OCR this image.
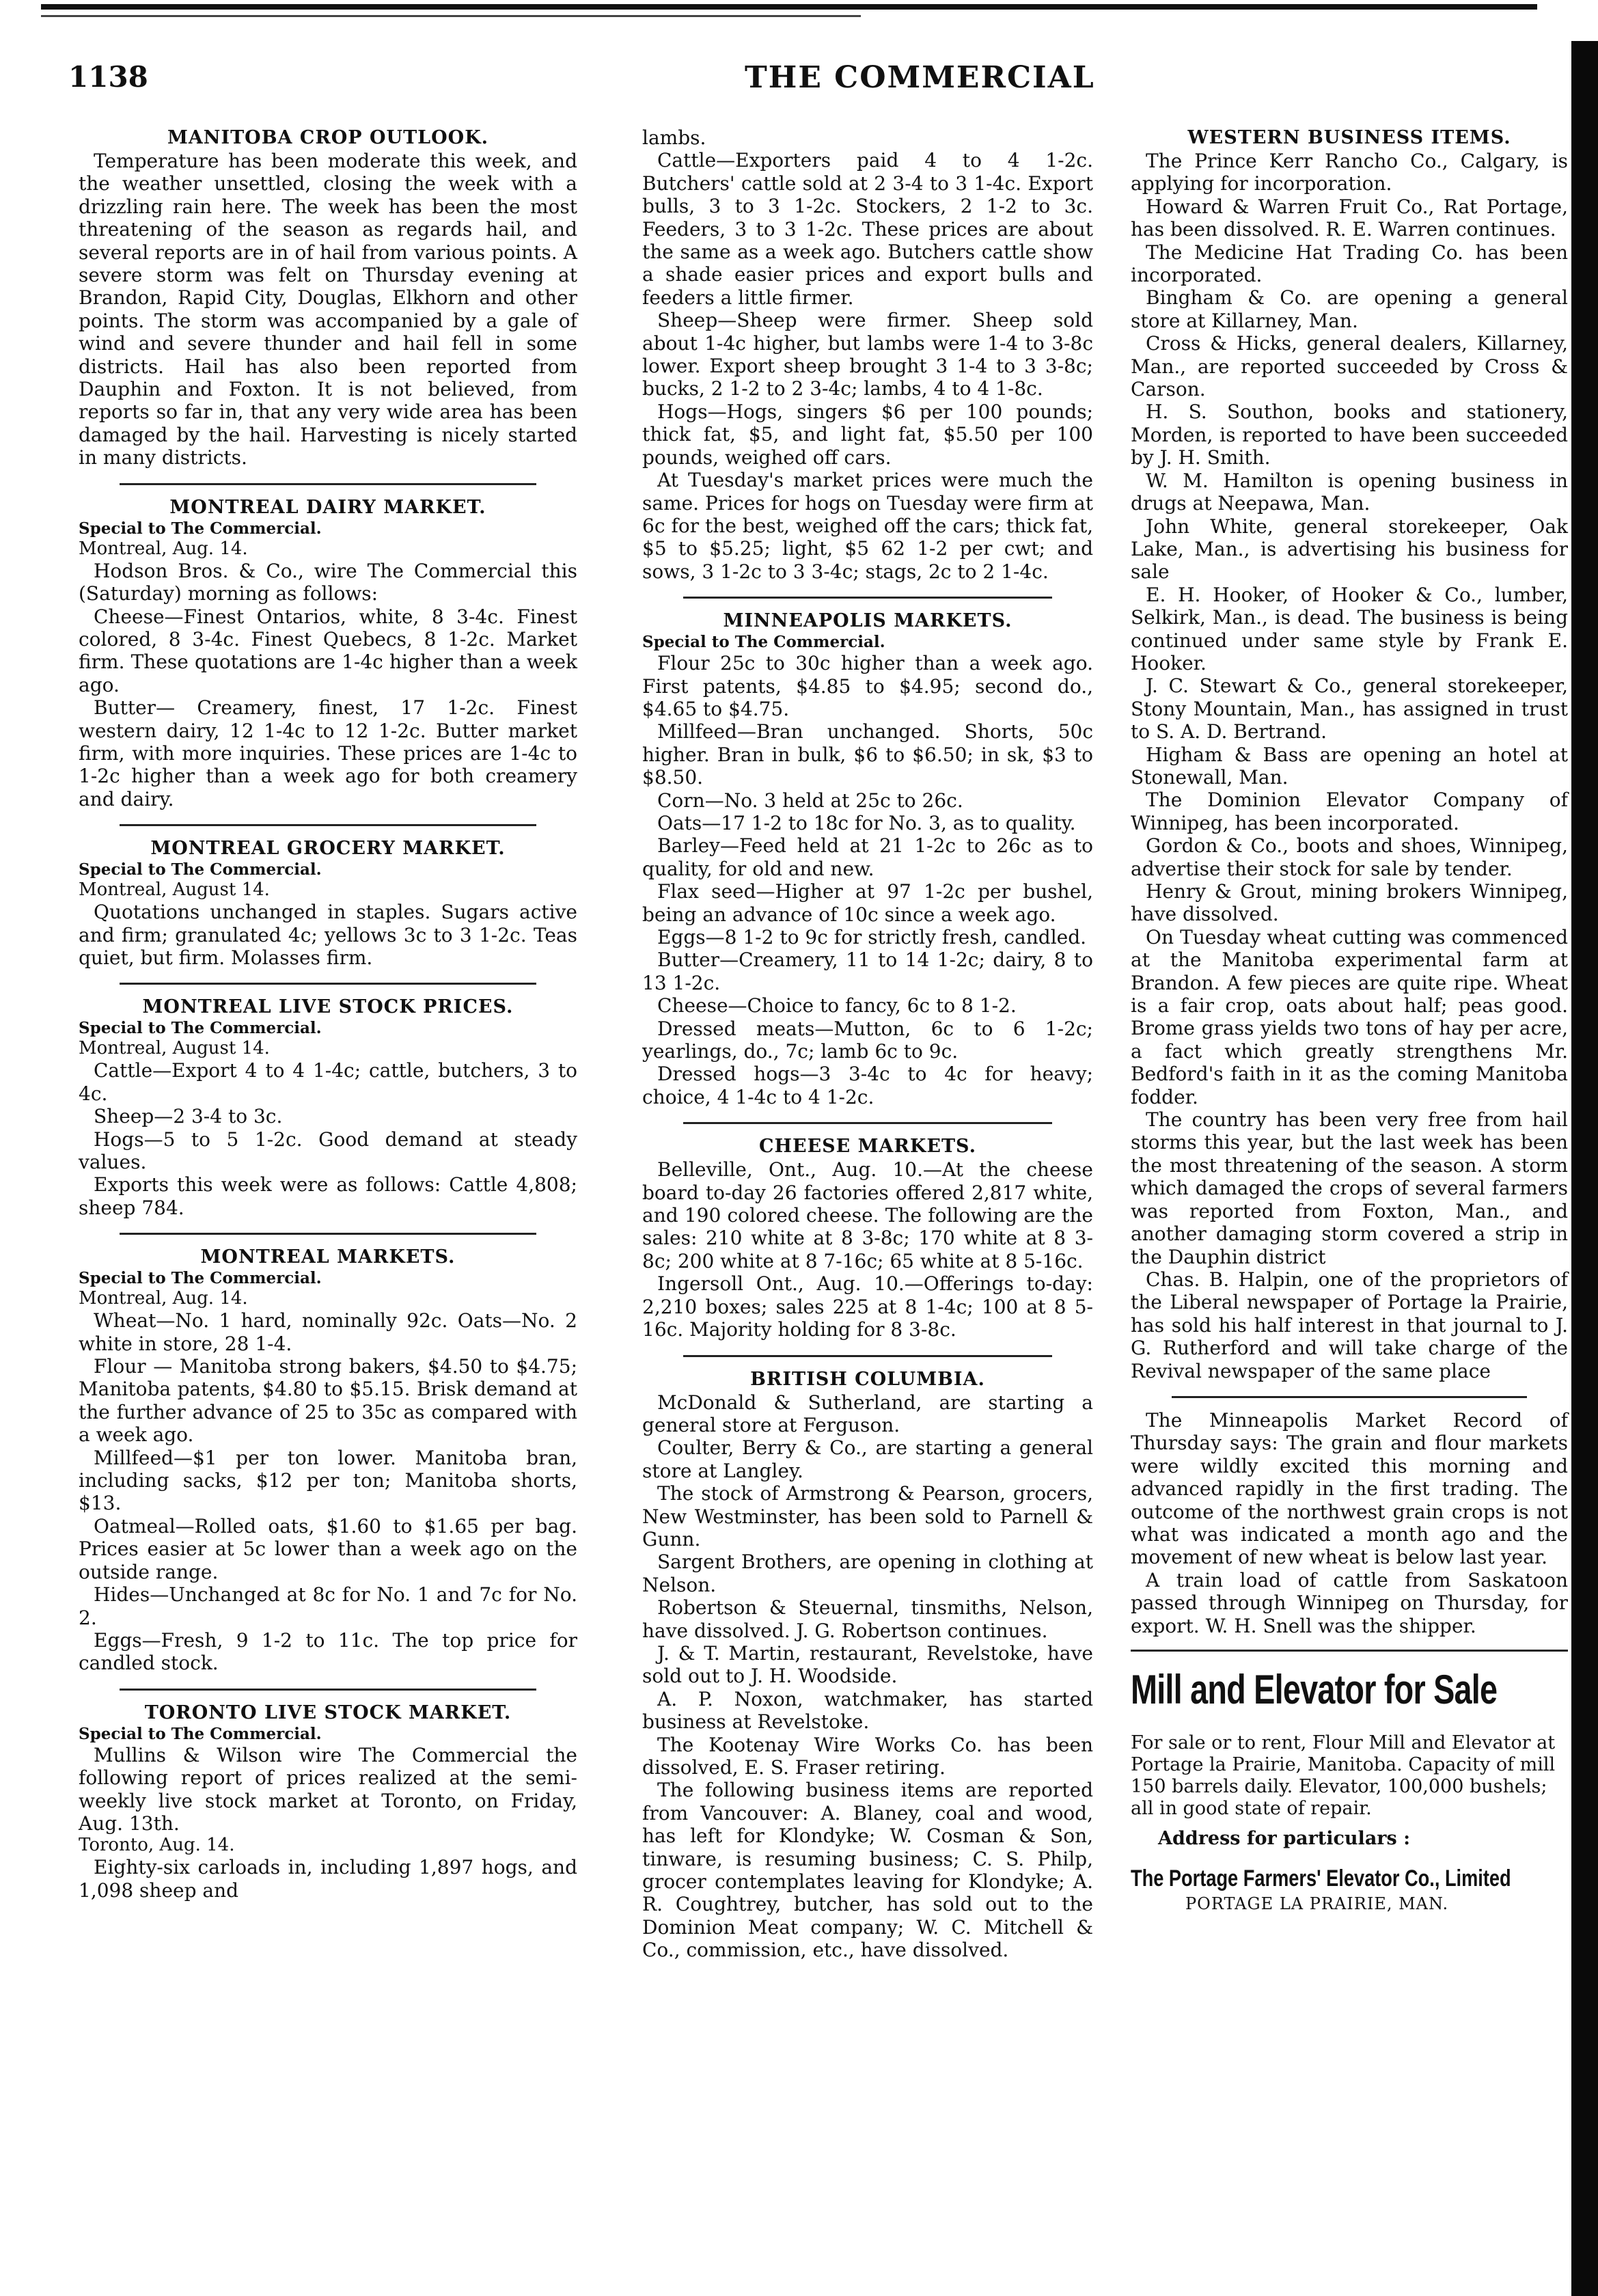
1138	THE COMMERCIAL

MANITOBA CROP OUTLOOK.

Temperature has been moderate this week, and the weather unsettled, closing the week with a drizzling rain here. The week has been the most threatening of the season as regards hail, and several reports are in of hail from various points. A severe storm was felt on Thursday evening at Brandon, Rapid City, Douglas, Elkhorn and other points. The storm was accompanied by a gale of wind and severe thunder and hail fell in some districts. Hail has also been reported from Dauphin and Foxton. It is not believed, from reports so far in, that any very wide area has been damaged by the hail. Harvesting is nicely started in many districts.

MONTREAL DAIRY MARKET.

Special to The Commercial.

Montreal, Aug. 14.

Hodson Bros. & Co., wire The Commercial this (Saturday) morning as follows:

Cheese—Finest Ontarios, white, 8 3-4c. Finest colored, 8 3-4c. Finest Quebecs, 8 1-2c. Market firm. These quotations are 1-4c higher than a week ago.

Butter— Creamery, finest, 17 1-2c. Finest western dairy, 12 1-4c to 12 1-2c. Butter market firm, with more inquiries. These prices are 1-4c to 1-2c higher than a week ago for both creamery and dairy.

MONTREAL GROCERY MARKET.

Special to The Commercial.

Montreal, August 14.

Quotations unchanged in staples. Sugars active and firm; granulated 4c; yellows 3c to 3 1-2c. Teas quiet, but firm. Molasses firm.

MONTREAL LIVE STOCK PRICES.

Special to The Commercial.

Montreal, August 14.

Cattle—Export 4 to 4 1-4c; cattle, butchers, 3 to 4c.

Sheep—2 3-4 to 3c.

Hogs—5 to 5 1-2c. Good demand at steady values.

Exports this week were as follows: Cattle 4,808; sheep 784.

MONTREAL MARKETS.

Special to The Commercial.

Montreal, Aug. 14.

Wheat—No. 1 hard, nominally 92c. Oats—No. 2 white in store, 28 1-4.

Flour — Manitoba strong bakers, $4.50 to $4.75; Manitoba patents, $4.80 to $5.15. Brisk demand at the further advance of 25 to 35c as compared with a week ago.

Millfeed—$1 per ton lower. Manitoba bran, including sacks, $12 per ton; Manitoba shorts, $13.

Oatmeal—Rolled oats, $1.60 to $1.65 per bag. Prices easier at 5c lower than a week ago on the outside range.

Hides—Unchanged at 8c for No. 1 and 7c for No. 2.

Eggs—Fresh, 9 1-2 to 11c. The top price for candled stock.

TORONTO LIVE STOCK MARKET.

Special to The Commercial.

Mullins & Wilson wire The Commercial the following report of prices realized at the semi-weekly live stock market at Toronto, on Friday, Aug. 13th.

Toronto, Aug. 14.

Eighty-six carloads in, including 1,897 hogs, and 1,098 sheep and

lambs.

Cattle—Exporters paid 4 to 4 1-2c. Butchers' cattle sold at 2 3-4 to 3 1-4c. Export bulls, 3 to 3 1-2c. Stockers, 2 1-2 to 3c. Feeders, 3 to 3 1-2c. These prices are about the same as a week ago. Butchers cattle show a shade easier prices and export bulls and feeders a little firmer.

Sheep—Sheep were firmer. Sheep sold about 1-4c higher, but lambs were 1-4 to 3-8c lower. Export sheep brought 3 1-4 to 3 3-8c; bucks, 2 1-2 to 2 3-4c; lambs, 4 to 4 1-8c.

Hogs—Hogs, singers $6 per 100 pounds; thick fat, $5, and light fat, $5.50 per 100 pounds, weighed off cars.

At Tuesday's market prices were much the same. Prices for hogs on Tuesday were firm at 6c for the best, weighed off the cars; thick fat, $5 to $5.25; light, $5 62 1-2 per cwt; and sows, 3 1-2c to 3 3-4c; stags, 2c to 2 1-4c.

MINNEAPOLIS MARKETS.

Special to The Commercial.

Flour 25c to 30c higher than a week ago. First patents, $4.85 to $4.95; second do., $4.65 to $4.75.

Millfeed—Bran unchanged. Shorts, 50c higher. Bran in bulk, $6 to $6.50; in sk, $3 to $8.50.

Corn—No. 3 held at 25c to 26c.

Oats—17 1-2 to 18c for No. 3, as to quality.

Barley—Feed held at 21 1-2c to 26c as to quality, for old and new.

Flax seed—Higher at 97 1-2c per bushel, being an advance of 10c since a week ago.

Eggs—8 1-2 to 9c for strictly fresh, candled.

Butter—Creamery, 11 to 14 1-2c; dairy, 8 to 13 1-2c.

Cheese—Choice to fancy, 6c to 8 1-2.

Dressed meats—Mutton, 6c to 6 1-2c; yearlings, do., 7c; lamb 6c to 9c.

Dressed hogs—3 3-4c to 4c for heavy; choice, 4 1-4c to 4 1-2c.

CHEESE MARKETS.

Belleville, Ont., Aug. 10.—At the cheese board to-day 26 factories offered 2,817 white, and 190 colored cheese. The following are the sales: 210 white at 8 3-8c; 170 white at 8 3-8c; 200 white at 8 7-16c; 65 white at 8 5-16c.

Ingersoll Ont., Aug. 10.—Offerings to-day: 2,210 boxes; sales 225 at 8 1-4c; 100 at 8 5-16c. Majority holding for 8 3-8c.

BRITISH COLUMBIA.

McDonald & Sutherland, are starting a general store at Ferguson.

Coulter, Berry & Co., are starting a general store at Langley.

The stock of Armstrong & Pearson, grocers, New Westminster, has been sold to Parnell & Gunn.

Sargent Brothers, are opening in clothing at Nelson.

Robertson & Steuernal, tinsmiths, Nelson, have dissolved. J. G. Robertson continues.

J. & T. Martin, restaurant, Revelstoke, have sold out to J. H. Woodside.

A. P. Noxon, watchmaker, has started business at Revelstoke.

The Kootenay Wire Works Co. has been dissolved, E. S. Fraser retiring.

The following business items are reported from Vancouver: A. Blaney, coal and wood, has left for Klondyke; W. Cosman & Son, tinware, is resuming business; C. S. Philp, grocer contemplates leaving for Klondyke; A. R. Coughtrey, butcher, has sold out to the Dominion Meat company; W. C. Mitchell & Co., commission, etc., have dissolved.

WESTERN BUSINESS ITEMS.

The Prince Kerr Rancho Co., Calgary, is applying for incorporation.

Howard & Warren Fruit Co., Rat Portage, has been dissolved. R. E. Warren continues.

The Medicine Hat Trading Co. has been incorporated.

Bingham & Co. are opening a general store at Killarney, Man.

Cross & Hicks, general dealers, Killarney, Man., are reported succeeded by Cross & Carson.

H. S. Southon, books and stationery, Morden, is reported to have been succeeded by J. H. Smith.

W. M. Hamilton is opening business in drugs at Neepawa, Man.

John White, general storekeeper, Oak Lake, Man., is advertising his business for sale

E. H. Hooker, of Hooker & Co., lumber, Selkirk, Man., is dead. The business is being continued under same style by Frank E. Hooker.

J. C. Stewart & Co., general storekeeper, Stony Mountain, Man., has assigned in trust to S. A. D. Bertrand.

Higham & Bass are opening an hotel at Stonewall, Man.

The Dominion Elevator Company of Winnipeg, has been incorporated.

Gordon & Co., boots and shoes, Winnipeg, advertise their stock for sale by tender.

Henry & Grout, mining brokers Winnipeg, have dissolved.

On Tuesday wheat cutting was commenced at the Manitoba experimental farm at Brandon. A few pieces are quite ripe. Wheat is a fair crop, oats about half; peas good. Brome grass yields two tons of hay per acre, a fact which greatly strengthens Mr. Bedford's faith in it as the coming Manitoba fodder.

The country has been very free from hail storms this year, but the last week has been the most threatening of the season. A storm which damaged the crops of several farmers was reported from Foxton, Man., and another damaging storm covered a strip in the Dauphin district

Chas. B. Halpin, one of the proprietors of the Liberal newspaper of Portage la Prairie, has sold his half interest in that journal to J. G. Rutherford and will take charge of the Revival newspaper of the same place

The Minneapolis Market Record of Thursday says: The grain and flour markets were wildly excited this morning and advanced rapidly in the first trading. The outcome of the northwest grain crops is not what was indicated a month ago and the movement of new wheat is below last year.

A train load of cattle from Saskatoon passed through Winnipeg on Thursday, for export. W. H. Snell was the shipper.

Mill and Elevator for Sale

For sale or to rent, Flour Mill and Elevator at Portage la Prairie, Manitoba. Capacity of mill 150 barrels daily. Elevator, 100,000 bushels; all in good state of repair.

Address for particulars :

The Portage Farmers' Elevator Co., Limited

PORTAGE LA PRAIRIE, MAN.
